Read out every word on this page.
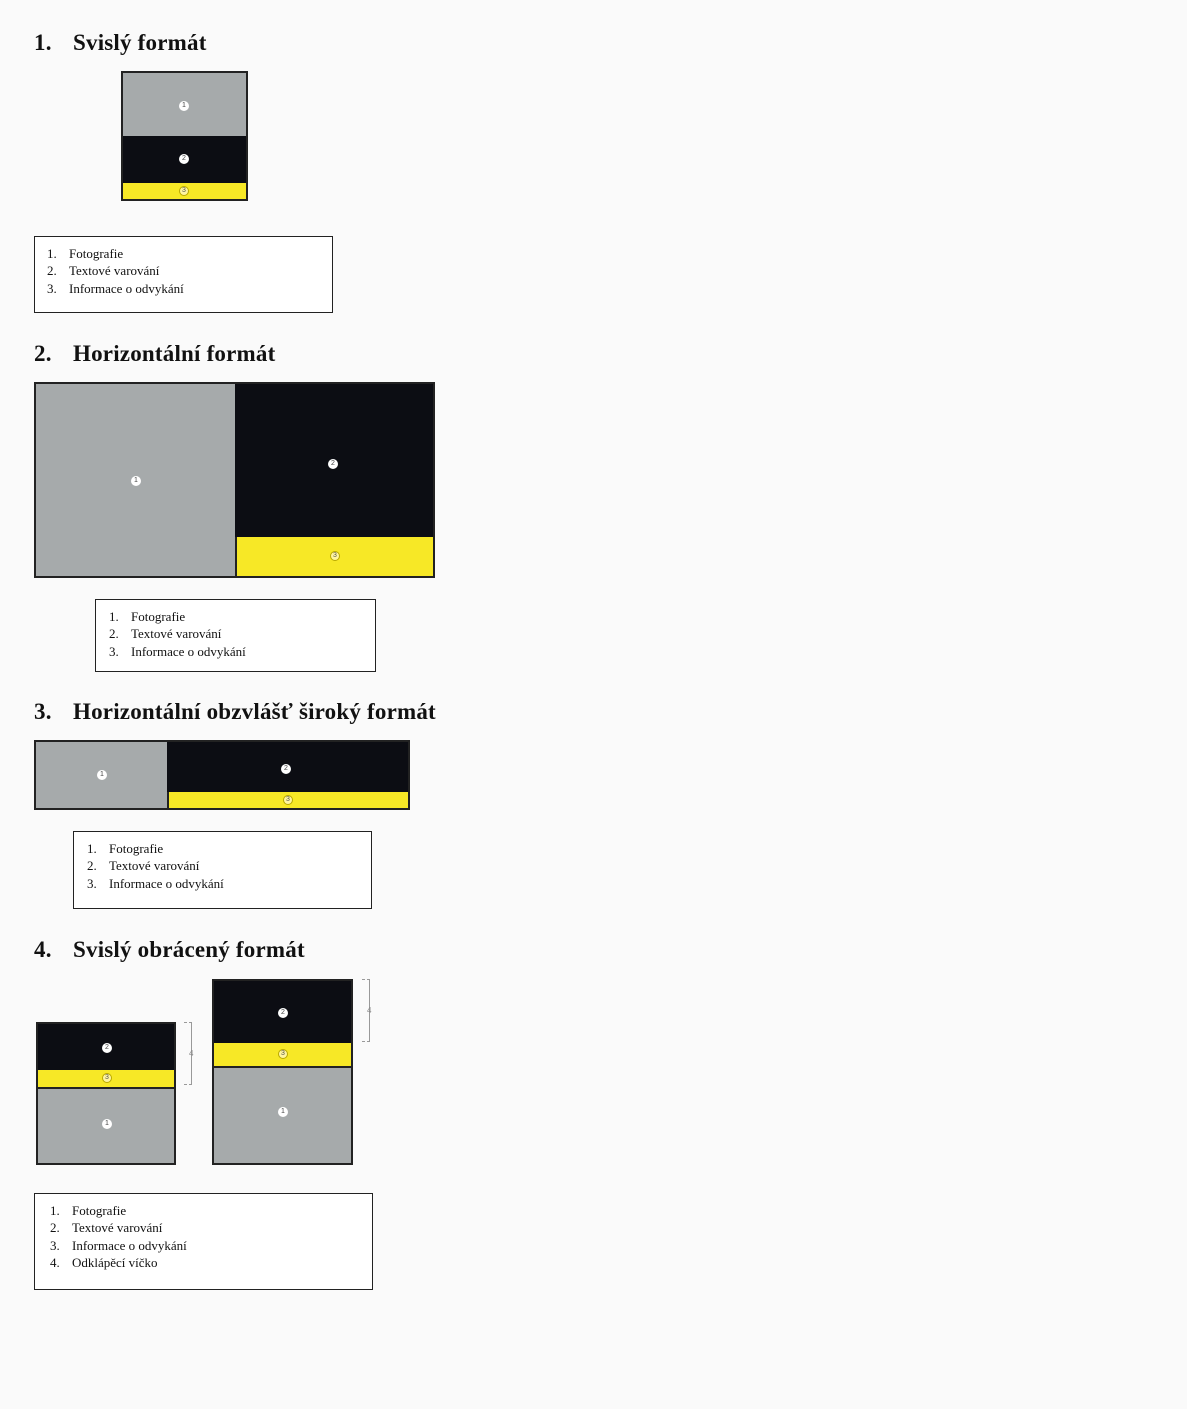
1. Svislý formát
1
2
3
1. Fotografie
2. Textové varování
3. Informace o odvykání
2. Horizontální formát
1
2
3
1. Fotografie
2. Textové varování
3. Informace o odvykání
3. Horizontální obzvlášť široký formát
1
2
3
1. Fotografie
2. Textové varování
3. Informace o odvykání
4. Svislý obrácený formát
2
3
1
4
2
3
1
4
1. Fotografie
2. Textové varování
3. Informace o odvykání
4. Odklápěcí víčko
